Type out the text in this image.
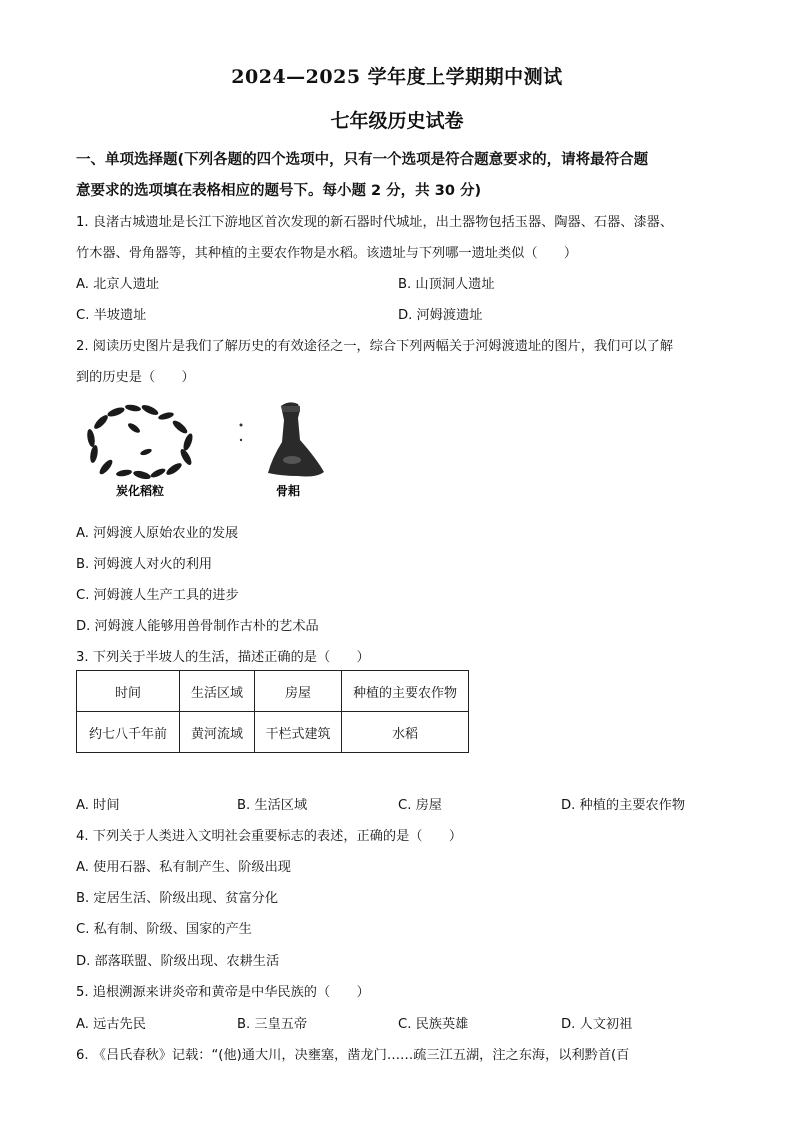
2024—2025 学年度上学期期中测试
七年级历史试卷
一、单项选择题(下列各题的四个选项中，只有一个选项是符合题意要求的，请将最符合题
意要求的选项填在表格相应的题号下。每小题 2 分，共 30 分)
1. 良渚古城遗址是长江下游地区首次发现的新石器时代城址，出土器物包括玉器、陶器、石器、漆器、
竹木器、骨角器等，其种植的主要农作物是水稻。该遗址与下列哪一遗址类似（　　）
A. 北京人遗址	B. 山顶洞人遗址
C. 半坡遗址	D. 河姆渡遗址
2. 阅读历史图片是我们了解历史的有效途径之一，综合下列两幅关于河姆渡遗址的图片，我们可以了解
到的历史是（　　）
炭化稻粒	骨耜
A. 河姆渡人原始农业的发展
B. 河姆渡人对火的利用
C. 河姆渡人生产工具的进步
D. 河姆渡人能够用兽骨制作古朴的艺术品
3. 下列关于半坡人的生活，描述正确的是（　　）
时间	生活区域	房屋	种植的主要农作物
约七八千年前	黄河流域	干栏式建筑	水稻
A. 时间	B. 生活区域	C. 房屋	D. 种植的主要农作物
4. 下列关于人类进入文明社会重要标志的表述，正确的是（　　）
A. 使用石器、私有制产生、阶级出现
B. 定居生活、阶级出现、贫富分化
C. 私有制、阶级、国家的产生
D. 部落联盟、阶级出现、农耕生活
5. 追根溯源来讲炎帝和黄帝是中华民族的（　　）
A. 远古先民	B. 三皇五帝	C. 民族英雄	D. 人文初祖
6. 《吕氏春秋》记载：“(他)通大川，决壅塞，凿龙门……疏三江五湖，注之东海，以利黔首(百
